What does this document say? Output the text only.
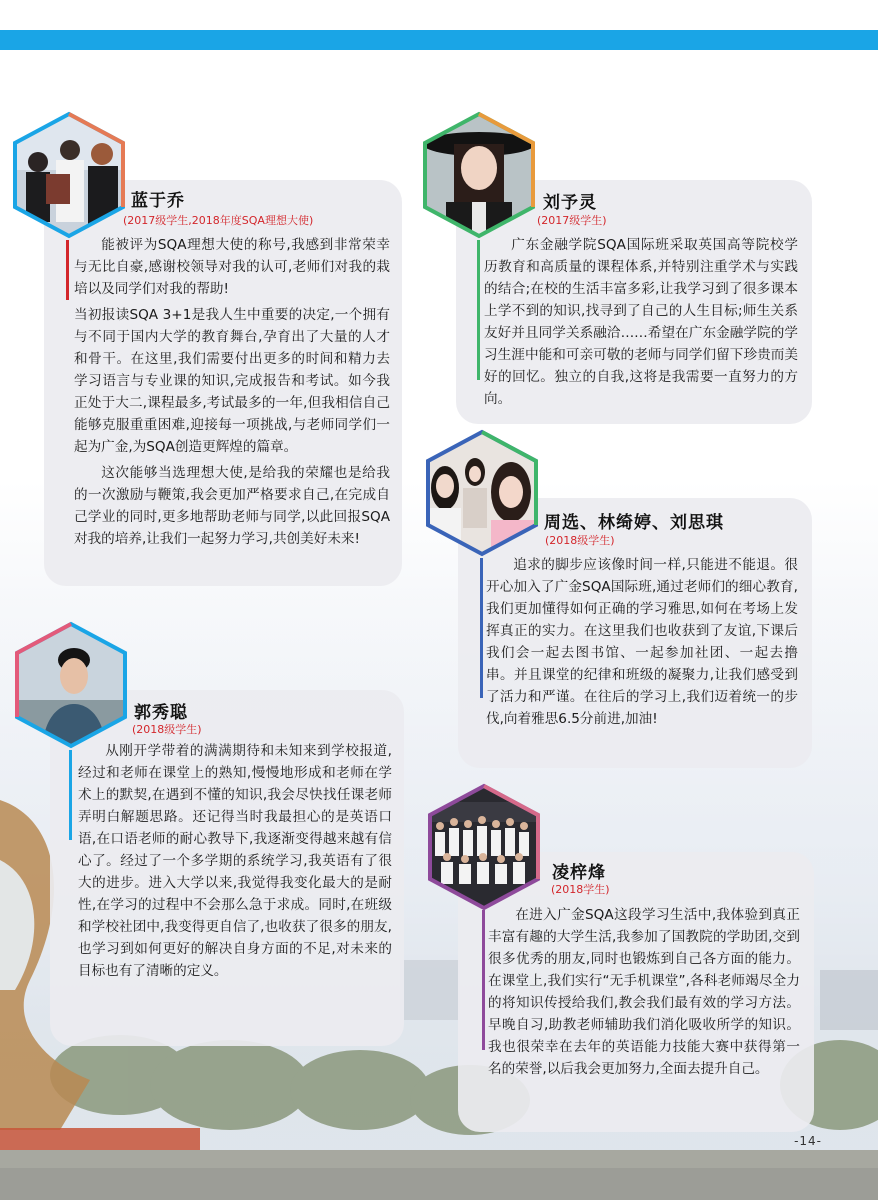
蓝于乔
(2017级学生,2018年度SQA理想大使)

能被评为SQA理想大使的称号,我感到非常荣幸与无比自豪,感谢校领导对我的认可,老师们对我的栽培以及同学们对我的帮助!

当初报读SQA 3+1是我人生中重要的决定,一个拥有与不同于国内大学的教育舞台,孕育出了大量的人才和骨干。在这里,我们需要付出更多的时间和精力去学习语言与专业课的知识,完成报告和考试。如今我正处于大二,课程最多,考试最多的一年,但我相信自己能够克服重重困难,迎接每一项挑战,与老师同学们一起为广金,为SQA创造更辉煌的篇章。

这次能够当选理想大使,是给我的荣耀也是给我的一次激励与鞭策,我会更加严格要求自己,在完成自己学业的同时,更多地帮助老师与同学,以此回报SQA对我的培养,让我们一起努力学习,共创美好未来!

刘予灵
(2017级学生)

广东金融学院SQA国际班采取英国高等院校学历教育和高质量的课程体系,并特别注重学术与实践的结合;在校的生活丰富多彩,让我学习到了很多课本上学不到的知识,找寻到了自己的人生目标;师生关系友好并且同学关系融洽……希望在广东金融学院的学习生涯中能和可亲可敬的老师与同学们留下珍贵而美好的回忆。独立的自我,这将是我需要一直努力的方向。

周选、林绮婷、刘思琪
(2018级学生)

追求的脚步应该像时间一样,只能进不能退。很开心加入了广金SQA国际班,通过老师们的细心教育,我们更加懂得如何正确的学习雅思,如何在考场上发挥真正的实力。在这里我们也收获到了友谊,下课后我们会一起去图书馆、一起参加社团、一起去撸串。并且课堂的纪律和班级的凝聚力,让我们感受到了活力和严谨。在往后的学习上,我们迈着统一的步伐,向着雅思6.5分前进,加油!

郭秀聪
(2018级学生)

从刚开学带着的满满期待和未知来到学校报道,经过和老师在课堂上的熟知,慢慢地形成和老师在学术上的默契,在遇到不懂的知识,我会尽快找任课老师弄明白解题思路。还记得当时我最担心的是英语口语,在口语老师的耐心教导下,我逐渐变得越来越有信心了。经过了一个多学期的系统学习,我英语有了很大的进步。进入大学以来,我觉得我变化最大的是耐性,在学习的过程中不会那么急于求成。同时,在班级和学校社团中,我变得更自信了,也收获了很多的朋友,也学习到如何更好的解决自身方面的不足,对未来的目标也有了清晰的定义。

凌梓烽
(2018学生)

在进入广金SQA这段学习生活中,我体验到真正丰富有趣的大学生活,我参加了国教院的学助团,交到很多优秀的朋友,同时也锻炼到自己各方面的能力。在课堂上,我们实行“无手机课堂”,各科老师竭尽全力的将知识传授给我们,教会我们最有效的学习方法。早晚自习,助教老师辅助我们消化吸收所学的知识。我也很荣幸在去年的英语能力技能大赛中获得第一名的荣誉,以后我会更加努力,全面去提升自己。

-14-
